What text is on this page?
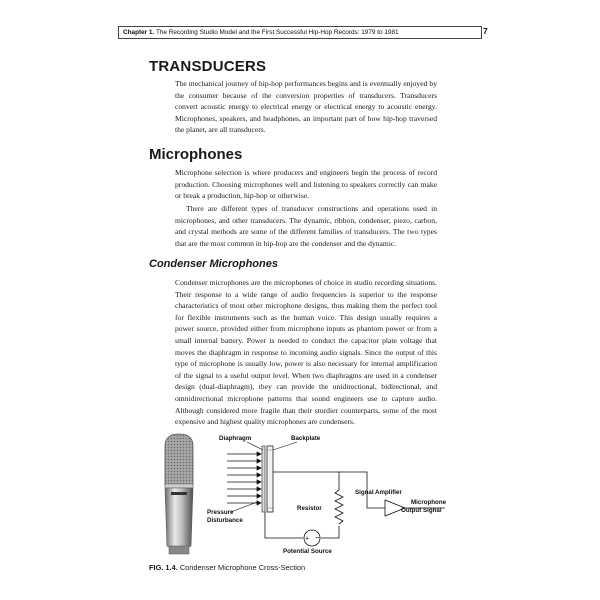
Chapter 1. The Recording Studio Model and the First Successful Hip-Hop Records: 1979 to 1981	7
TRANSDUCERS

The mechanical journey of hip-hop performances begins and is eventually enjoyed by the consumer because of the conversion properties of transducers. Transducers convert acoustic energy to electrical energy or electrical energy to acoustic energy. Microphones, speakers, and headphones, an important part of how hip-hop traversed the planet, are all transducers.

Microphones

Microphone selection is where producers and engineers begin the process of record production. Choosing microphones well and listening to speakers correctly can make or break a production, hip-hop or otherwise.

There are different types of transducer constructions and operations used in microphones, and other transducers. The dynamic, ribbon, condenser, piezo, carbon, and crystal methods are some of the different families of transducers. The two types that are the most common in hip-hop are the condenser and the dynamic.

Condenser Microphones

Condenser microphones are the microphones of choice in studio recording situations. Their response to a wide range of audio frequencies is superior to the response characteristics of most other microphone designs, thus making them the perfect tool for flexible instruments such as the human voice. This design usually requires a power source, provided either from microphone inputs as phantom power or from a small internal battery. Power is needed to conduct the capacitor plate voltage that moves the diaphragm in response to incoming audio signals. Since the output of this type of microphone is usually low, power is also necessary for internal amplification of the signal to a useful output level. When two diaphragms are used in a condenser design (dual-diaphragm), they can provide the unidirectional, bidirectional, and omnidirectional microphone patterns that sound engineers use to capture audio. Although considered more fragile than their sturdier counterparts, some of the most expensive and highest quality microphones are condensers.

+ −
Diaphragm	Backplate
Pressure
Disturbance
Resistor
Signal Amplifier
Microphone
Output Signal
Potential Source
FIG. 1.4. Condenser Microphone Cross-Section
